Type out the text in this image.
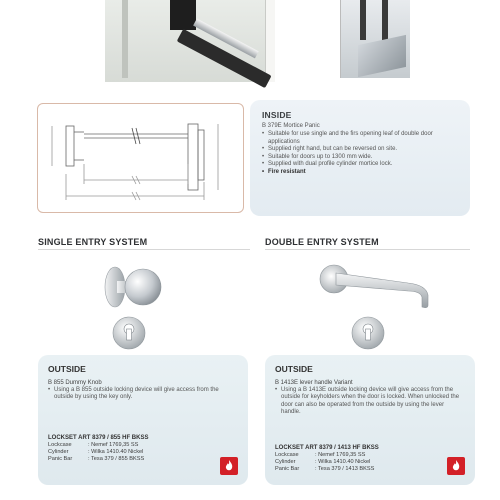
INSIDE
B 379E Mortice Panic
• Suitable for use single and the firs opening leaf of double door applications
• Supplied right hand, but can be reversed on site.
• Suitable for doors up to 1300 mm wide.
• Supplied with dual profile cylinder mortice lock.
• Fire resistant
SINGLE ENTRY SYSTEM	DOUBLE ENTRY SYSTEM
OUTSIDE
B 855 Dummy Knob
• Using a B 855 outside locking device will give access from the outside by using the key only.
LOCKSET ART 8379 / 855 HF BKSS
Lockcase	: Nemef 1769,35 SS
Cylinder	: Wilka 1410.40 Nickel
Panic Bar	: Tesa 379 / 855 BKSS
OUTSIDE
B 1413E lever handle Variant
• Using a B 1413E outside locking device will give access from the outside for keyholders when the door is locked. When unlocked the door can also be operated from the outside by using the lever handle.
LOCKSET ART 8379 / 1413 HF BKSS
Lockcase	: Nemef 1769,35 SS
Cylinder	: Wilka 1410.40 Nickel
Panic Bar	: Tesa 379 / 1413 BKSS
